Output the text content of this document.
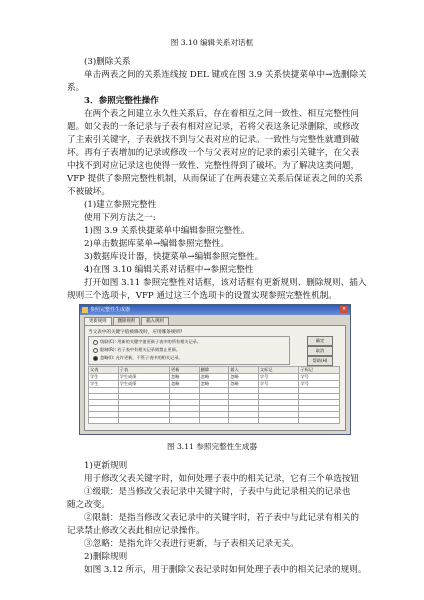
图 3.10 编辑关系对话框
(3)删除关系
单击两表之间的关系连线按 DEL 键或在图 3.9 关系快捷菜单中→选删除关
系。
3．参照完整性操作
在两个表之间建立永久性关系后，存在着相互之间一致性、相互完整性问
题。如父表的一条记录与子表有相对应记录，若将父表这条记录删除，或修改
了主索引关键字，子表就找不到与父表对应的记录。一致性与完整性就遭到破
坏。再有子表增加的记录或修改一个与父表对应的记录的索引关键字，在父表
中找不到对应记录这也使得一致性、完整性得到了破坏。为了解决这类问题，
VFP 提供了参照完整性机制，从而保证了在两表建立关系后保证表之间的关系
不被破坏。
(1)建立参照完整性
使用下列方法之一:
1)图 3.9 关系快捷菜单中编辑参照完整性。
2)单击数据库菜单→编辑参照完整性。
3)数据库设计器，快捷菜单→编辑参照完整性。
4)在图 3.10 编辑关系对话框中→参照完整性
打开如图 3.11 参照完整性对话框，该对话框有更新规则、删除规则、插入
规则三个选项卡，VFP 通过这三个选项卡的设置实现参照完整性机制。
参照完整性生成器	×
更新规则	删除规则	插入规则
当父表中的关键字值被修改时，应用哪条规则?
级联(C): 用新的关键字值更新子表中的所有相关记录。
限制(R): 若子表中有相关记录则禁止更新。
忽略(I): 允许更新，不管子表中的相关记录。
确定
取消
帮助(H)
父表	子表	更新	删除	插入	父标记	子标记
学生	学生成绩	忽略	忽略	忽略	学号	学号
学生	学生成绩	忽略	忽略	忽略	学号	学号

图 3.11 参照完整性生成器
1)更新规则
用于修改父表关键字时，如何处理子表中的相关记录，它有三个单选按钮
①级联：是当修改父表记录中关键字时，子表中与此记录相关的记录也
随之改变。
②限制：是指当修改父表记录中的关键字时，若子表中与此记录有相关的
记录禁止修改父表此相应记录操作。
③忽略：是指允许父表进行更新，与子表相关记录无关。
2)删除规则
如图 3.12 所示，用于删除父表记录时如何处理子表中的相关记录的规则。
